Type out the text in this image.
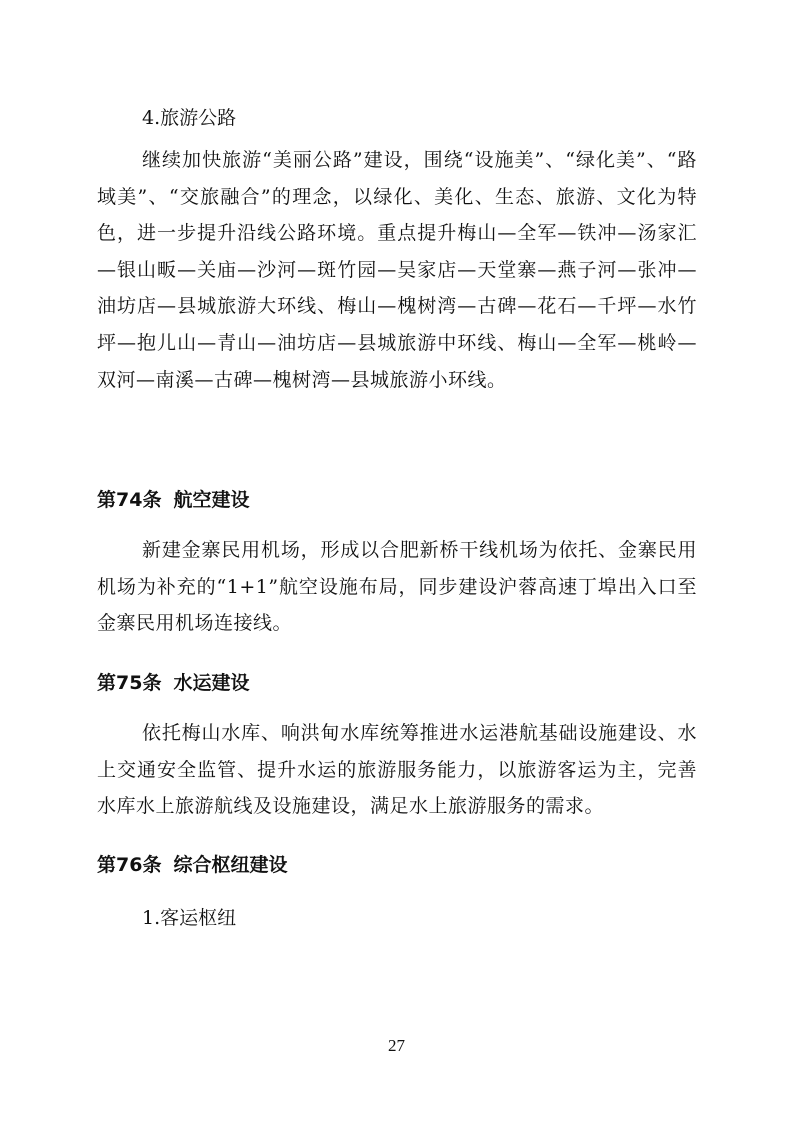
4.旅游公路

继续加快旅游“美丽公路”建设，围绕“设施美”、“绿化美”、“路域美”、“交旅融合”的理念，以绿化、美化、生态、旅游、文化为特色，进一步提升沿线公路环境。重点提升梅山—全军—铁冲—汤家汇—银山畈—关庙—沙河—斑竹园—吴家店—天堂寨—燕子河—张冲—油坊店—县城旅游大环线、梅山—槐树湾—古碑—花石—千坪—水竹坪—抱儿山—青山—油坊店—县城旅游中环线、梅山—全军—桃岭—双河—南溪—古碑—槐树湾—县城旅游小环线。

第74条 航空建设

新建金寨民用机场，形成以合肥新桥干线机场为依托、金寨民用机场为补充的“1+1”航空设施布局，同步建设沪蓉高速丁埠出入口至金寨民用机场连接线。

第75条 水运建设

依托梅山水库、响洪甸水库统筹推进水运港航基础设施建设、水上交通安全监管、提升水运的旅游服务能力，以旅游客运为主，完善水库水上旅游航线及设施建设，满足水上旅游服务的需求。

第76条 综合枢纽建设

1.客运枢纽

27
